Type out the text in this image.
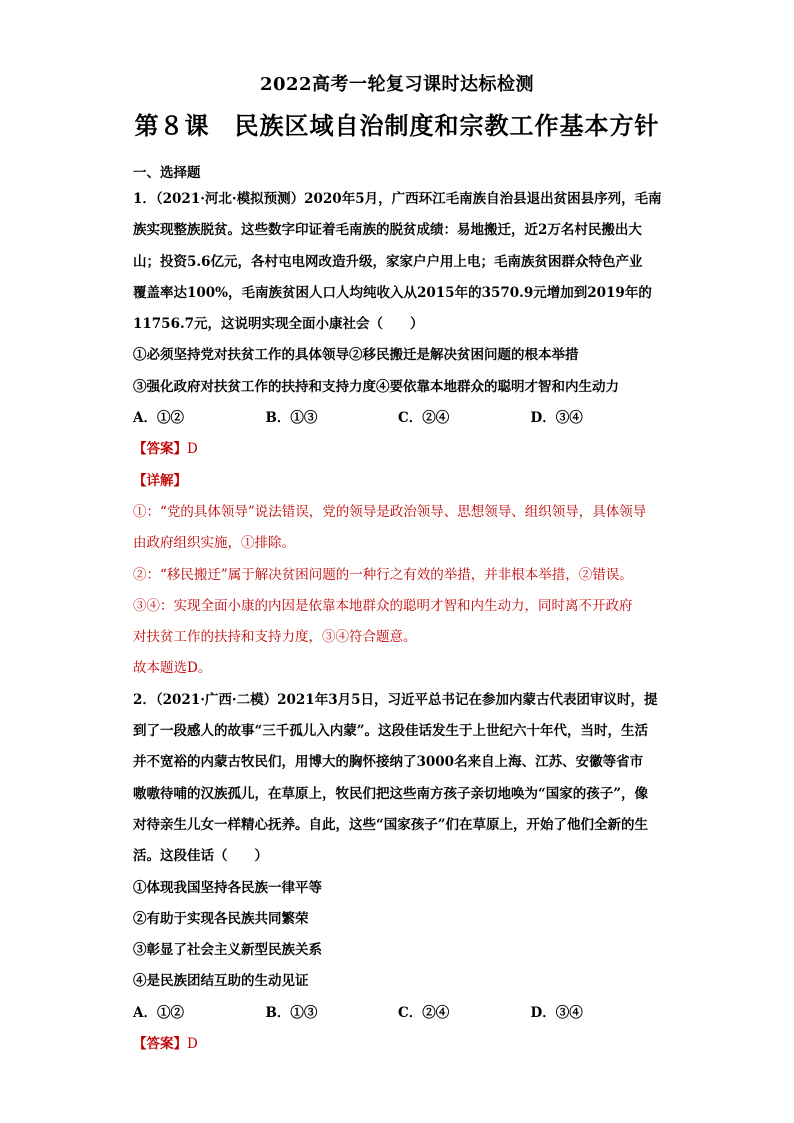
2022高考一轮复习课时达标检测
第８课　民族区域自治制度和宗教工作基本方针
一、选择题
1．（2021·河北·模拟预测）2020年5月，广西环江毛南族自治县退出贫困县序列，毛南
族实现整族脱贫。这些数字印证着毛南族的脱贫成绩：易地搬迁，近2万名村民搬出大
山；投资5.6亿元，各村屯电网改造升级，家家户户用上电；毛南族贫困群众特色产业
覆盖率达100%，毛南族贫困人口人均纯收入从2015年的3570.9元增加到2019年的
11756.7元，这说明实现全面小康社会（　　）
①必须坚持党对扶贫工作的具体领导②移民搬迁是解决贫困问题的根本举措
③强化政府对扶贫工作的扶持和支持力度④要依靠本地群众的聪明才智和内生动力
A．①②	B．①③	C．②④	D．③④
【答案】D
【详解】
①：“党的具体领导”说法错误，党的领导是政治领导、思想领导、组织领导，具体领导
由政府组织实施，①排除。
②：“移民搬迁”属于解决贫困问题的一种行之有效的举措，并非根本举措，②错误。
③④：实现全面小康的内因是依靠本地群众的聪明才智和内生动力，同时离不开政府
对扶贫工作的扶持和支持力度，③④符合题意。
故本题选D。
2．（2021·广西·二模）2021年3月5日，习近平总书记在参加内蒙古代表团审议时，提
到了一段感人的故事“三千孤儿入内蒙”。这段佳话发生于上世纪六十年代，当时，生活
并不宽裕的内蒙古牧民们，用博大的胸怀接纳了3000名来自上海、江苏、安徽等省市
嗷嗷待哺的汉族孤儿，在草原上，牧民们把这些南方孩子亲切地唤为“国家的孩子”，像
对待亲生儿女一样精心抚养。自此，这些“国家孩子”们在草原上，开始了他们全新的生
活。这段佳话（　　）
①体现我国坚持各民族一律平等
②有助于实现各民族共同繁荣
③彰显了社会主义新型民族关系
④是民族团结互助的生动见证
A．①②	B．①③	C．②④	D．③④
【答案】D
